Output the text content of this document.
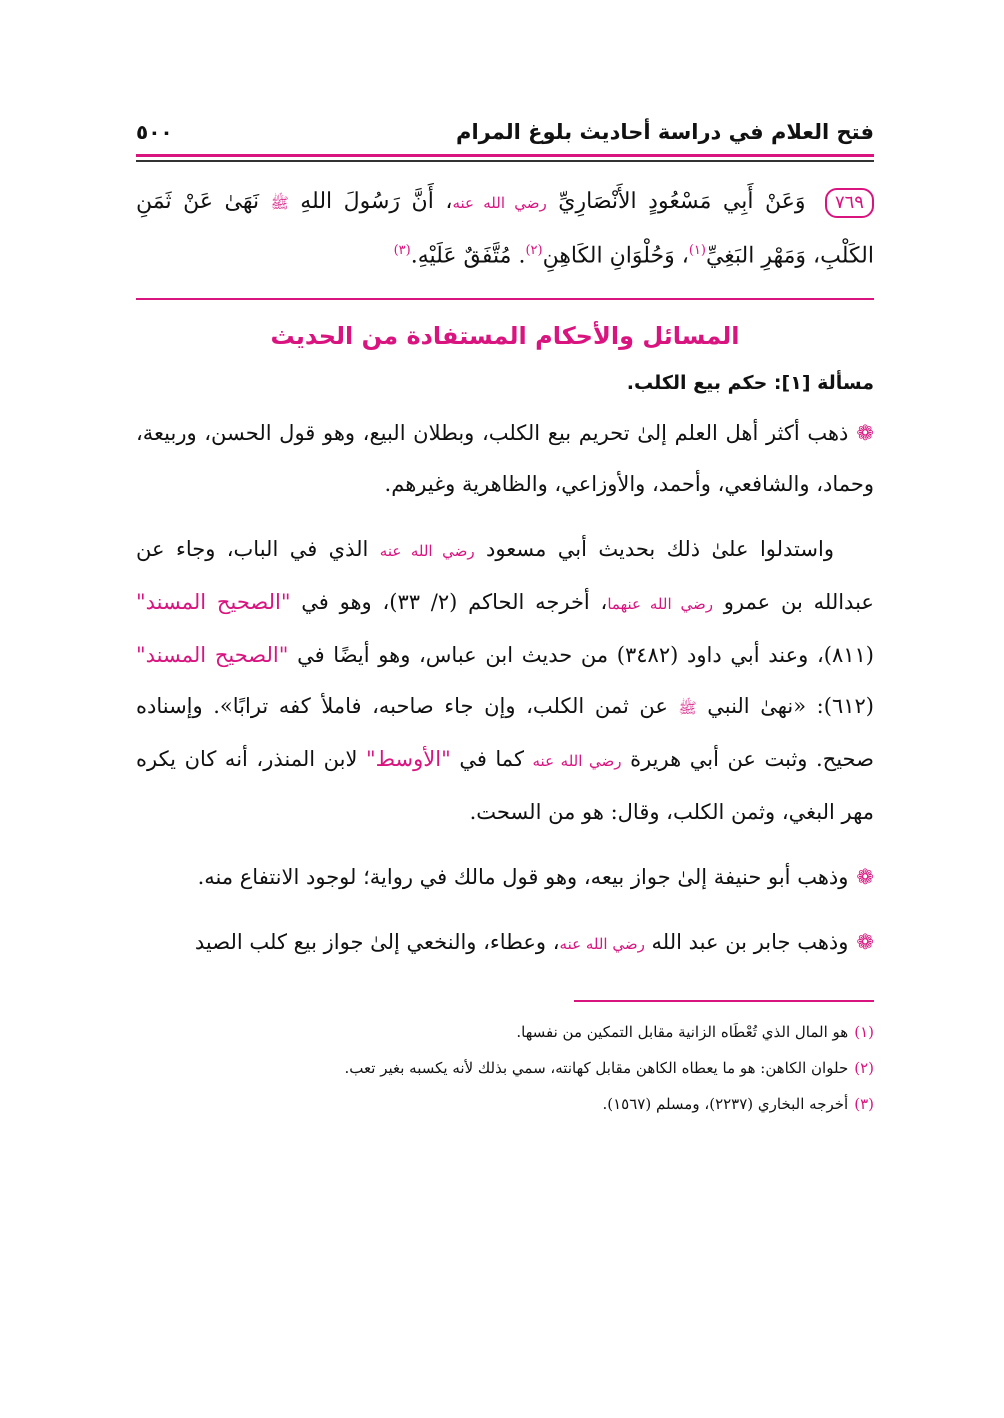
فتح العلام في دراسة أحاديث بلوغ المرام
٥٠٠
٧٦٩ وَعَنْ أَبِي مَسْعُودٍ الأَنْصَارِيِّ رضي الله عنه، أَنَّ رَسُولَ اللهِ ﷺ نَهَىٰ عَنْ ثَمَنِ الكَلْبِ، وَمَهْرِ البَغِيِّ$^{(١)}$، وَحُلْوَانِ الكَاهِنِ$^{(٢)}$. مُتَّفَقٌ عَلَيْهِ.$^{(٣)}$
المسائل والأحكام المستفادة من الحديث
مسألة [١]: حكم بيع الكلب.
❁ذهب أكثر أهل العلم إلىٰ تحريم بيع الكلب، وبطلان البيع، وهو قول الحسن، وربيعة، وحماد، والشافعي، وأحمد، والأوزاعي، والظاهرية وغيرهم.
واستدلوا علىٰ ذلك بحديث أبي مسعود رضي الله عنه الذي في الباب، وجاء عن عبدالله بن عمرو رضي الله عنهما، أخرجه الحاكم (٢/ ٣٣)، وهو في "الصحيح المسند" (٨١١)، وعند أبي داود (٣٤٨٢) من حديث ابن عباس، وهو أيضًا في "الصحيح المسند" (٦١٢): «نهىٰ النبي ﷺ عن ثمن الكلب، وإن جاء صاحبه، فاملأ كفه ترابًا». وإسناده صحيح. وثبت عن أبي هريرة رضي الله عنه كما في "الأوسط" لابن المنذر، أنه كان يكره مهر البغي، وثمن الكلب، وقال: هو من السحت.
❁وذهب أبو حنيفة إلىٰ جواز بيعه، وهو قول مالك في رواية؛ لوجود الانتفاع منه.
❁وذهب جابر بن عبد الله رضي الله عنه، وعطاء، والنخعي إلىٰ جواز بيع كلب الصيد
(١)هو المال الذي تُعْطَاه الزانية مقابل التمكين من نفسها.
(٢)حلوان الكاهن: هو ما يعطاه الكاهن مقابل كهانته، سمي بذلك لأنه يكسبه بغير تعب.
(٣)أخرجه البخاري (٢٢٣٧)، ومسلم (١٥٦٧).
